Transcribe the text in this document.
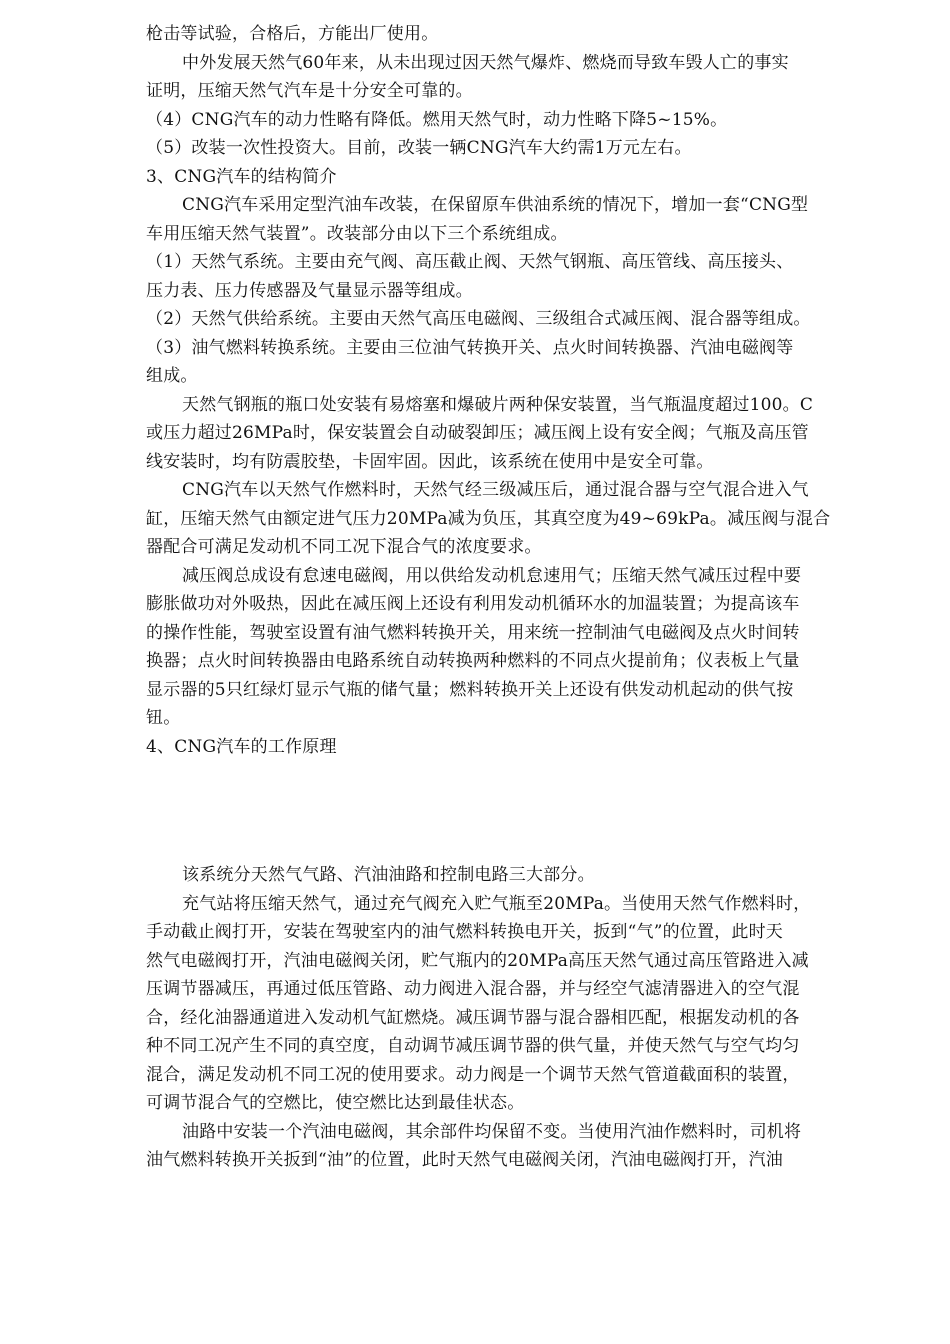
枪击等试验，合格后，方能出厂使用。
中外发展天然气60年来，从未出现过因天然气爆炸、燃烧而导致车毁人亡的事实
证明，压缩天然气汽车是十分安全可靠的。
（4）CNG汽车的动力性略有降低。燃用天然气时，动力性略下降5~15%。
（5）改装一次性投资大。目前，改装一辆CNG汽车大约需1万元左右。
3、CNG汽车的结构简介
CNG汽车采用定型汽油车改装，在保留原车供油系统的情况下，增加一套“CNG型
车用压缩天然气装置”。改装部分由以下三个系统组成。
（1）天然气系统。主要由充气阀、高压截止阀、天然气钢瓶、高压管线、高压接头、
压力表、压力传感器及气量显示器等组成。
（2）天然气供给系统。主要由天然气高压电磁阀、三级组合式减压阀、混合器等组成。
（3）油气燃料转换系统。主要由三位油气转换开关、点火时间转换器、汽油电磁阀等
组成。
天然气钢瓶的瓶口处安装有易熔塞和爆破片两种保安装置，当气瓶温度超过100。C
或压力超过26MPa时，保安装置会自动破裂卸压；减压阀上设有安全阀；气瓶及高压管
线安装时，均有防震胶垫，卡固牢固。因此，该系统在使用中是安全可靠。
CNG汽车以天然气作燃料时，天然气经三级减压后，通过混合器与空气混合进入气
缸，压缩天然气由额定进气压力20MPa减为负压，其真空度为49~69kPa。减压阀与混合
器配合可满足发动机不同工况下混合气的浓度要求。
减压阀总成设有怠速电磁阀，用以供给发动机怠速用气；压缩天然气减压过程中要
膨胀做功对外吸热，因此在减压阀上还设有利用发动机循环水的加温装置；为提高该车
的操作性能，驾驶室设置有油气燃料转换开关，用来统一控制油气电磁阀及点火时间转
换器；点火时间转换器由电路系统自动转换两种燃料的不同点火提前角；仪表板上气量
显示器的5只红绿灯显示气瓶的储气量；燃料转换开关上还设有供发动机起动的供气按
钮。
4、CNG汽车的工作原理
该系统分天然气气路、汽油油路和控制电路三大部分。
充气站将压缩天然气，通过充气阀充入贮气瓶至20MPa。当使用天然气作燃料时，
手动截止阀打开，安装在驾驶室内的油气燃料转换电开关，扳到“气”的位置，此时天
然气电磁阀打开，汽油电磁阀关闭，贮气瓶内的20MPa高压天然气通过高压管路进入减
压调节器减压，再通过低压管路、动力阀进入混合器，并与经空气滤清器进入的空气混
合，经化油器通道进入发动机气缸燃烧。减压调节器与混合器相匹配，根据发动机的各
种不同工况产生不同的真空度，自动调节减压调节器的供气量，并使天然气与空气均匀
混合，满足发动机不同工况的使用要求。动力阀是一个调节天然气管道截面积的装置，
可调节混合气的空燃比，使空燃比达到最佳状态。
油路中安装一个汽油电磁阀，其余部件均保留不变。当使用汽油作燃料时，司机将
油气燃料转换开关扳到“油”的位置，此时天然气电磁阀关闭，汽油电磁阀打开，汽油
